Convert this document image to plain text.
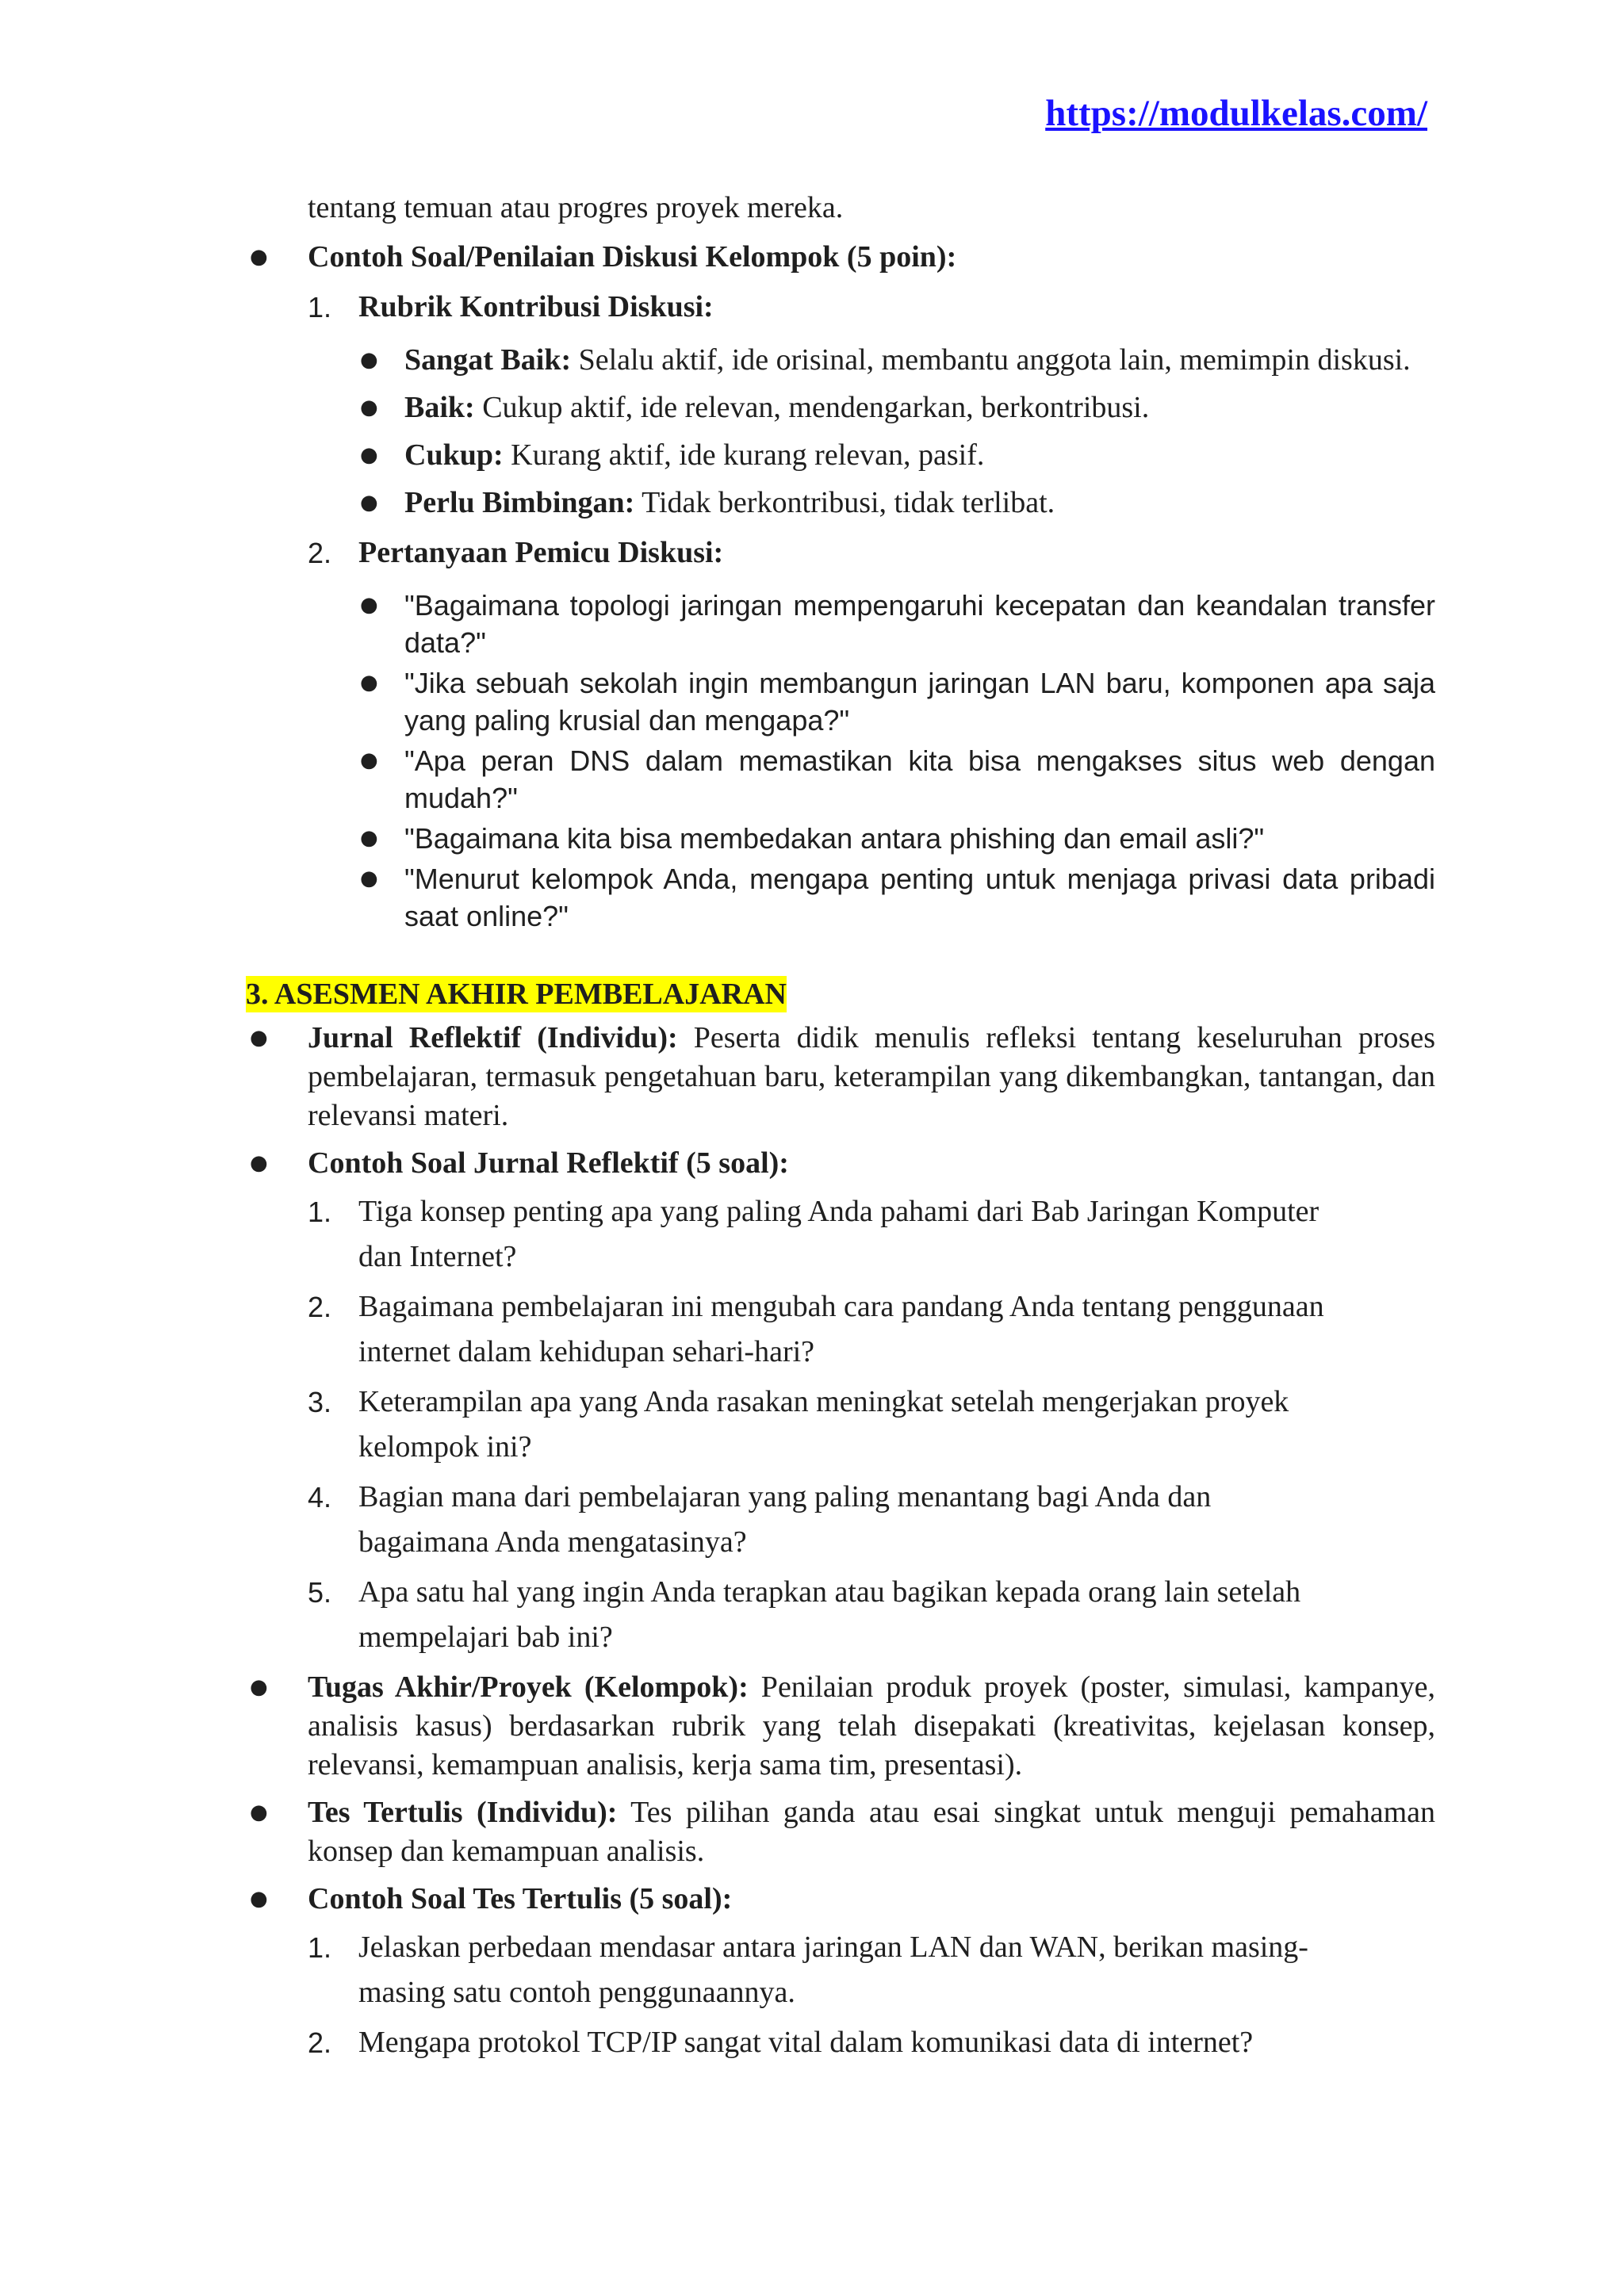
https://modulkelas.com/
tentang temuan atau progres proyek mereka.
● Contoh Soal/Penilaian Diskusi Kelompok (5 poin):
1. Rubrik Kontribusi Diskusi:
● Sangat Baik: Selalu aktif, ide orisinal, membantu anggota lain, memimpin diskusi.
● Baik: Cukup aktif, ide relevan, mendengarkan, berkontribusi.
● Cukup: Kurang aktif, ide kurang relevan, pasif.
● Perlu Bimbingan: Tidak berkontribusi, tidak terlibat.
2. Pertanyaan Pemicu Diskusi:
● "Bagaimana topologi jaringan mempengaruhi kecepatan dan keandalan transfer data?"
● "Jika sebuah sekolah ingin membangun jaringan LAN baru, komponen apa saja yang paling krusial dan mengapa?"
● "Apa peran DNS dalam memastikan kita bisa mengakses situs web dengan mudah?"
● "Bagaimana kita bisa membedakan antara phishing dan email asli?"
● "Menurut kelompok Anda, mengapa penting untuk menjaga privasi data pribadi saat online?"
3. ASESMEN AKHIR PEMBELAJARAN
● Jurnal Reflektif (Individu): Peserta didik menulis refleksi tentang keseluruhan proses pembelajaran, termasuk pengetahuan baru, keterampilan yang dikembangkan, tantangan, dan relevansi materi.
● Contoh Soal Jurnal Reflektif (5 soal):
1. Tiga konsep penting apa yang paling Anda pahami dari Bab Jaringan Komputer
dan Internet?
2. Bagaimana pembelajaran ini mengubah cara pandang Anda tentang penggunaan
internet dalam kehidupan sehari-hari?
3. Keterampilan apa yang Anda rasakan meningkat setelah mengerjakan proyek
kelompok ini?
4. Bagian mana dari pembelajaran yang paling menantang bagi Anda dan
bagaimana Anda mengatasinya?
5. Apa satu hal yang ingin Anda terapkan atau bagikan kepada orang lain setelah
mempelajari bab ini?
● Tugas Akhir/Proyek (Kelompok): Penilaian produk proyek (poster, simulasi, kampanye, analisis kasus) berdasarkan rubrik yang telah disepakati (kreativitas, kejelasan konsep, relevansi, kemampuan analisis, kerja sama tim, presentasi).
● Tes Tertulis (Individu): Tes pilihan ganda atau esai singkat untuk menguji pemahaman konsep dan kemampuan analisis.
● Contoh Soal Tes Tertulis (5 soal):
1. Jelaskan perbedaan mendasar antara jaringan LAN dan WAN, berikan masing-
masing satu contoh penggunaannya.
2. Mengapa protokol TCP/IP sangat vital dalam komunikasi data di internet?
